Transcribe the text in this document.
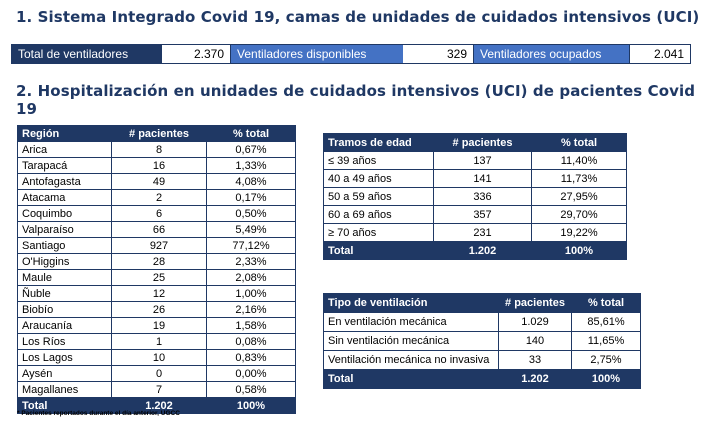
1. Sistema Integrado Covid 19, camas de unidades de cuidados intensivos (UCI)
Total de ventiladores	2.370	Ventiladores disponibles	329	Ventiladores ocupados	2.041
2. Hospitalización en unidades de cuidados intensivos (UCI) de pacientes Covid 19
Región	# pacientes	% total
Arica	8	0,67%
Tarapacá	16	1,33%
Antofagasta	49	4,08%
Atacama	2	0,17%
Coquimbo	6	0,50%
Valparaíso	66	5,49%
Santiago	927	77,12%
O'Higgins	28	2,33%
Maule	25	2,08%
Ñuble	12	1,00%
Biobío	26	2,16%
Araucanía	19	1,58%
Los Ríos	1	0,08%
Los Lagos	10	0,83%
Aysén	0	0,00%
Magallanes	7	0,58%
Total	1.202	100%
Tramos de edad	# pacientes	% total
≤ 39 años	137	11,40%
40 a 49 años	141	11,73%
50 a 59 años	336	27,95%
60 a 69 años	357	29,70%
≥ 70 años	231	19,22%
Total	1.202	100%
Tipo de ventilación	# pacientes	% total
En ventilación mecánica	1.029	85,61%
Sin ventilación mecánica	140	11,65%
Ventilación mecánica no invasiva	33	2,75%
Total	1.202	100%
* Pacientes reportados durante el día anterior, UGCC
